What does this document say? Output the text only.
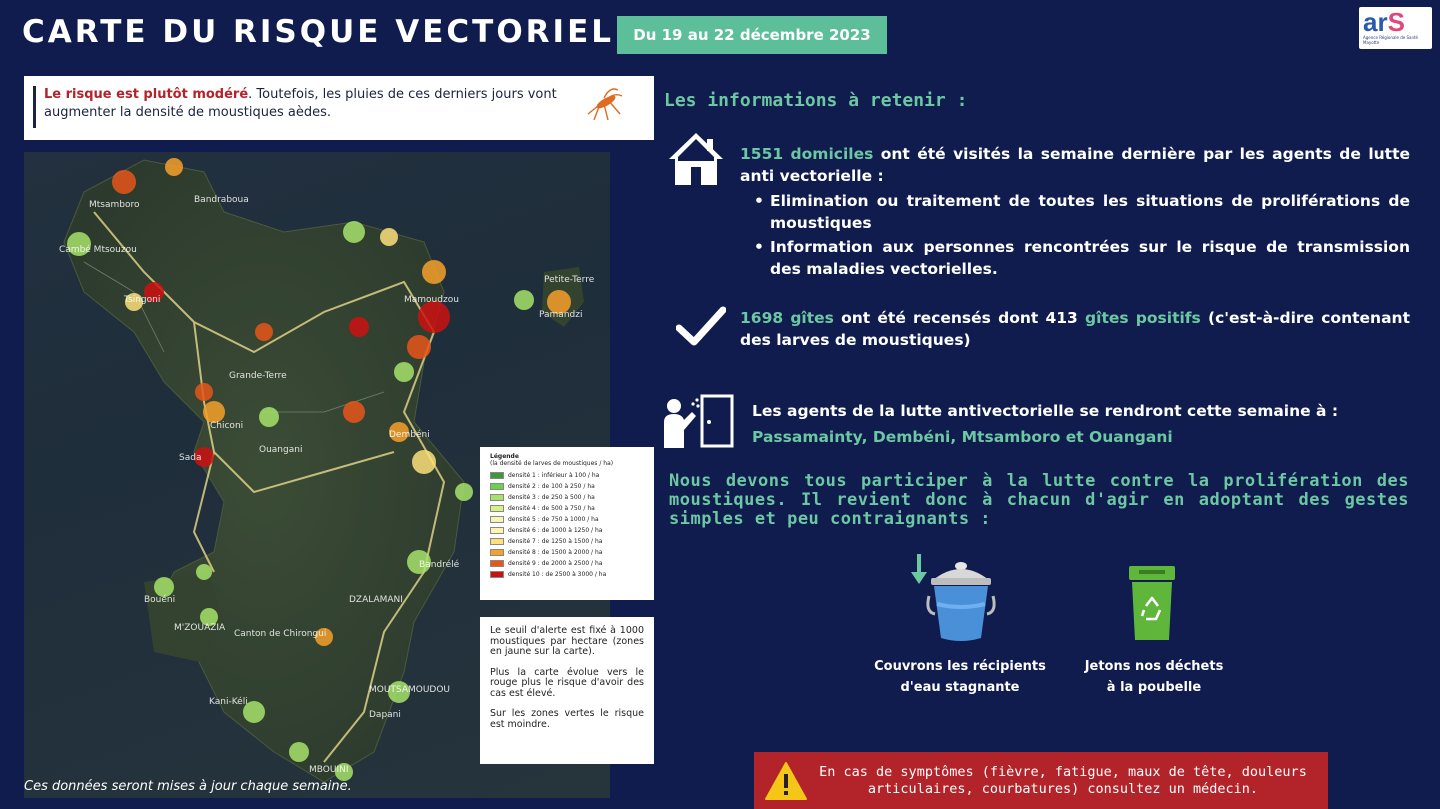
CARTE DU RISQUE VECTORIEL	Du 19 au 22 décembre 2023	arS
Agence Régionale de Santé Mayotte
Le risque est plutôt modéré. Toutefois, les pluies de ces derniers jours vont augmenter la densité de moustiques aèdes.
Mtsamboro	Bandraboua
Cambé Mtsouzou
Tsingoni	Mamoudzou
Petite-Terre
Pamandzi
Grande-Terre
Chiconi
Ouangani
Sada
Dembéni
Bandrélé
Bouéni
M'ZOUAZIA
Canton de Chirongui
DZALAMANI
Kani-Kéli
MOUTSAMOUDOU
Dapani
MBOUINI
Légende
(la densité de larves de moustiques / ha)
densité 1 : inférieur à 100 / ha
densité 2 : de 100 à 250 / ha
densité 3 : de 250 à 500 / ha
densité 4 : de 500 à 750 / ha
densité 5 : de 750 à 1000 / ha
densité 6 : de 1000 à 1250 / ha
densité 7 : de 1250 à 1500 / ha
densité 8 : de 1500 à 2000 / ha
densité 9 : de 2000 à 2500 / ha
densité 10 : de 2500 à 3000 / ha

Le seuil d'alerte est fixé à 1000 moustiques par hectare (zones en jaune sur la carte).

Plus la carte évolue vers le rouge plus le risque d'avoir des cas est élevé.

Sur les zones vertes le risque est moindre.

Ces données seront mises à jour chaque semaine.
Les informations à retenir :
1551 domiciles ont été visités la semaine dernière par les agents de lutte anti vectorielle :
• Elimination ou traitement de toutes les situations de proliférations de moustiques
• Information aux personnes rencontrées sur le risque de transmission des maladies vectorielles.
1698 gîtes ont été recensés dont 413 gîtes positifs (c'est-à-dire contenant des larves de moustiques)
Les agents de la lutte antivectorielle se rendront cette semaine à :
Passamainty, Dembéni, Mtsamboro et Ouangani
Nous devons tous participer à la lutte contre la prolifération des moustiques. Il revient donc à chacun d'agir en adoptant des gestes simples et peu contraignants :
Couvrons les récipients
d'eau stagnante
Jetons nos déchets
à la poubelle
En cas de symptômes (fièvre, fatigue, maux de tête, douleurs articulaires, courbatures) consultez un médecin.
